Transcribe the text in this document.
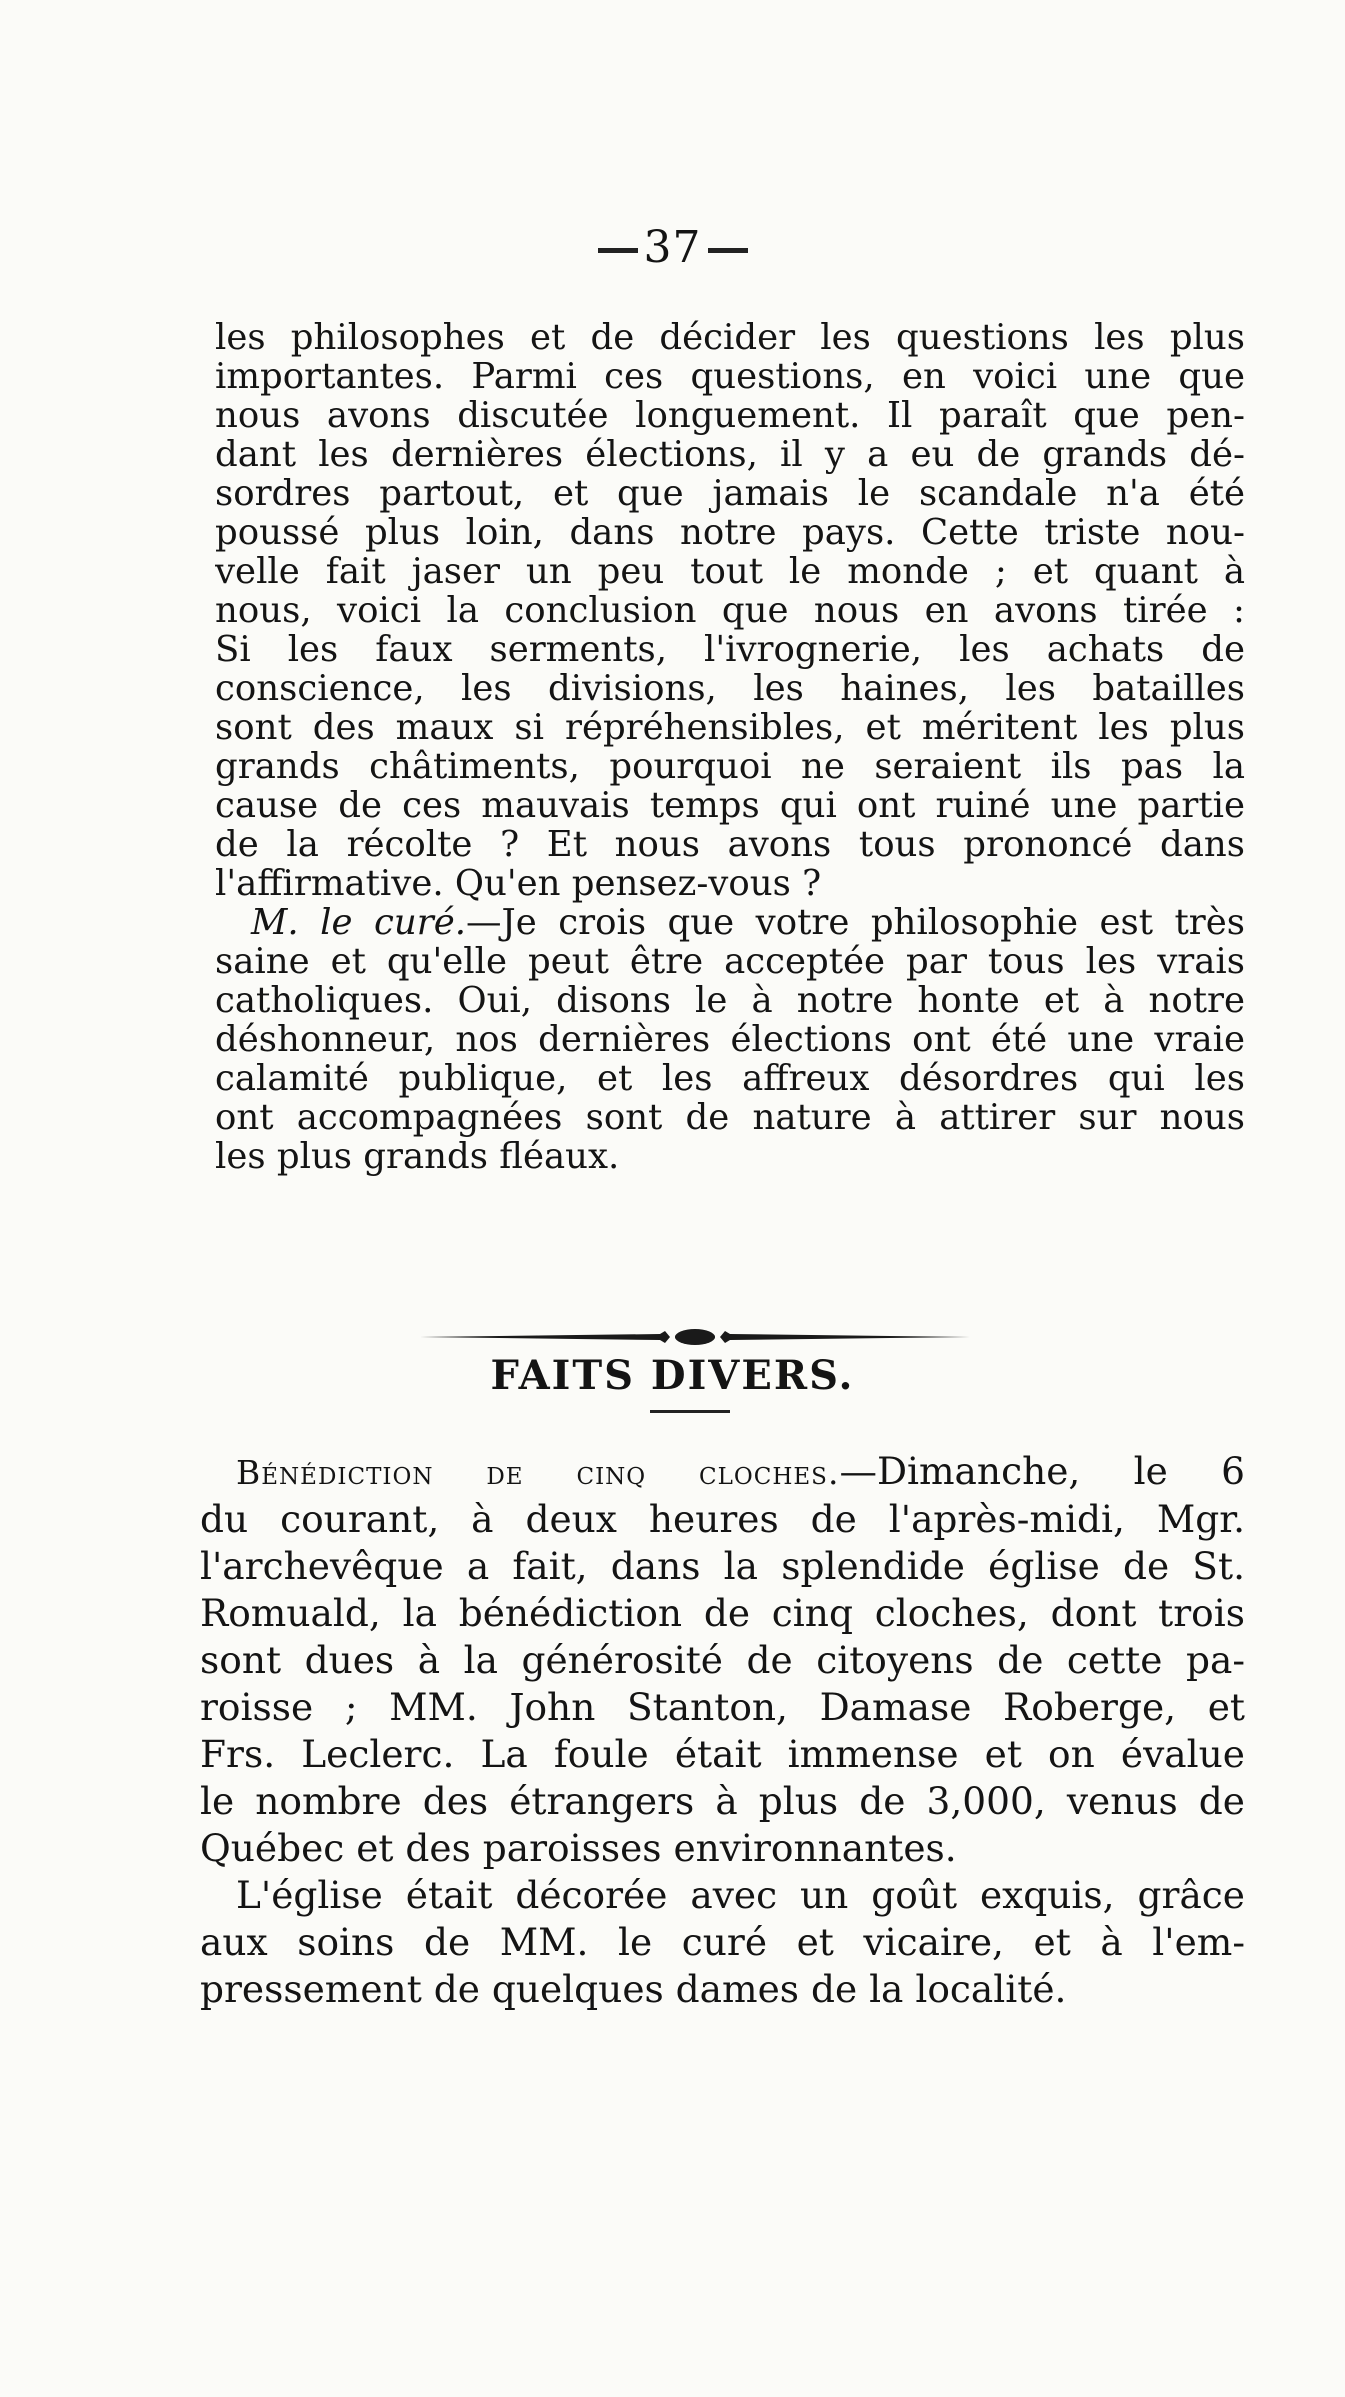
37
les philosophes et de décider les questions les plus
importantes. Parmi ces questions, en voici une que
nous avons discutée longuement. Il paraît que pen-
dant les dernières élections, il y a eu de grands dé-
sordres partout, et que jamais le scandale n'a été
poussé plus loin, dans notre pays. Cette triste nou-
velle fait jaser un peu tout le monde ; et quant à
nous, voici la conclusion que nous en avons tirée :
Si les faux serments, l'ivrognerie, les achats de
conscience, les divisions, les haines, les batailles
sont des maux si répréhensibles, et méritent les plus
grands châtiments, pourquoi ne seraient ils pas la
cause de ces mauvais temps qui ont ruiné une partie
de la récolte ? Et nous avons tous prononcé dans
l'affirmative. Qu'en pensez-vous ?
M. le curé.—Je crois que votre philosophie est très
saine et qu'elle peut être acceptée par tous les vrais
catholiques. Oui, disons le à notre honte et à notre
déshonneur, nos dernières élections ont été une vraie
calamité publique, et les affreux désordres qui les
ont accompagnées sont de nature à attirer sur nous
les plus grands fléaux.
FAITS DIVERS.
Bénédiction de cinq cloches.—Dimanche, le 6
du courant, à deux heures de l'après-midi, Mgr.
l'archevêque a fait, dans la splendide église de St.
Romuald, la bénédiction de cinq cloches, dont trois
sont dues à la générosité de citoyens de cette pa-
roisse ; MM. John Stanton, Damase Roberge, et
Frs. Leclerc. La foule était immense et on évalue
le nombre des étrangers à plus de 3,000, venus de
Québec et des paroisses environnantes.
L'église était décorée avec un goût exquis, grâce
aux soins de MM. le curé et vicaire, et à l'em-
pressement de quelques dames de la localité.
